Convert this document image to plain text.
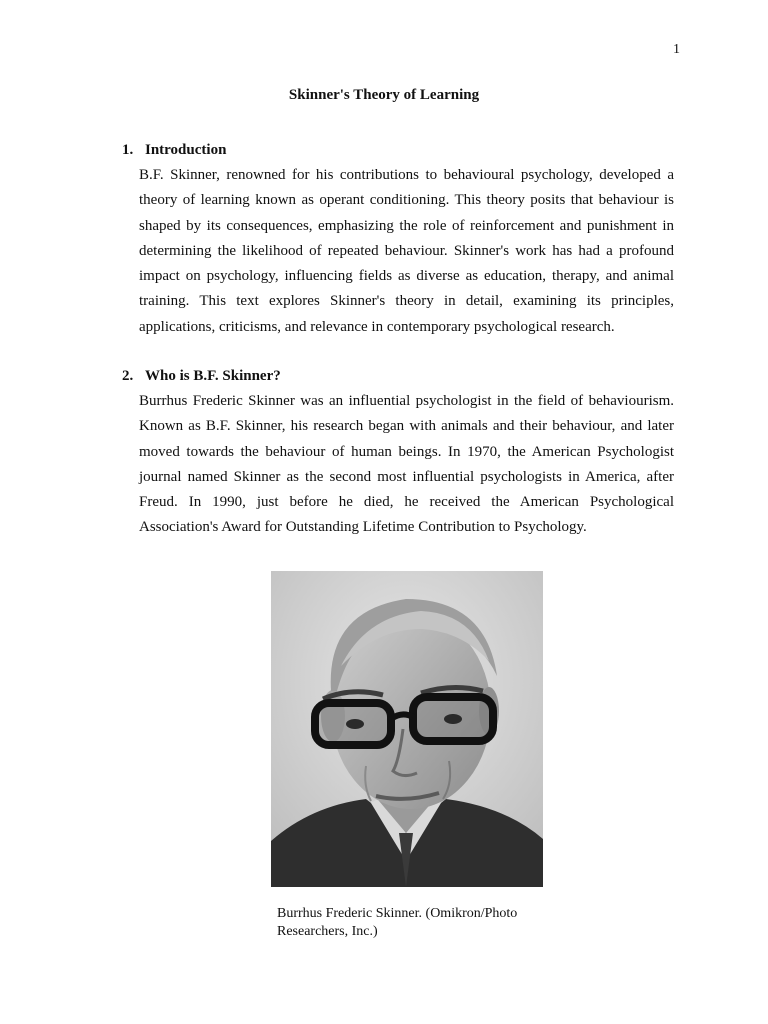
1
Skinner's Theory of Learning
1. Introduction

B.F. Skinner, renowned for his contributions to behavioural psychology, developed a theory of learning known as operant conditioning. This theory posits that behaviour is shaped by its consequences, emphasizing the role of reinforcement and punishment in determining the likelihood of repeated behaviour. Skinner's work has had a profound impact on psychology, influencing fields as diverse as education, therapy, and animal training. This text explores Skinner's theory in detail, examining its principles, applications, criticisms, and relevance in contemporary psychological research.

2. Who is B.F. Skinner?

Burrhus Frederic Skinner was an influential psychologist in the field of behaviourism. Known as B.F. Skinner, his research began with animals and their behaviour, and later moved towards the behaviour of human beings. In 1970, the American Psychologist journal named Skinner as the second most influential psychologists in America, after Freud. In 1990, just before he died, he received the American Psychological Association's Award for Outstanding Lifetime Contribution to Psychology.

Burrhus Frederic Skinner. (Omikron/Photo Researchers, Inc.)
